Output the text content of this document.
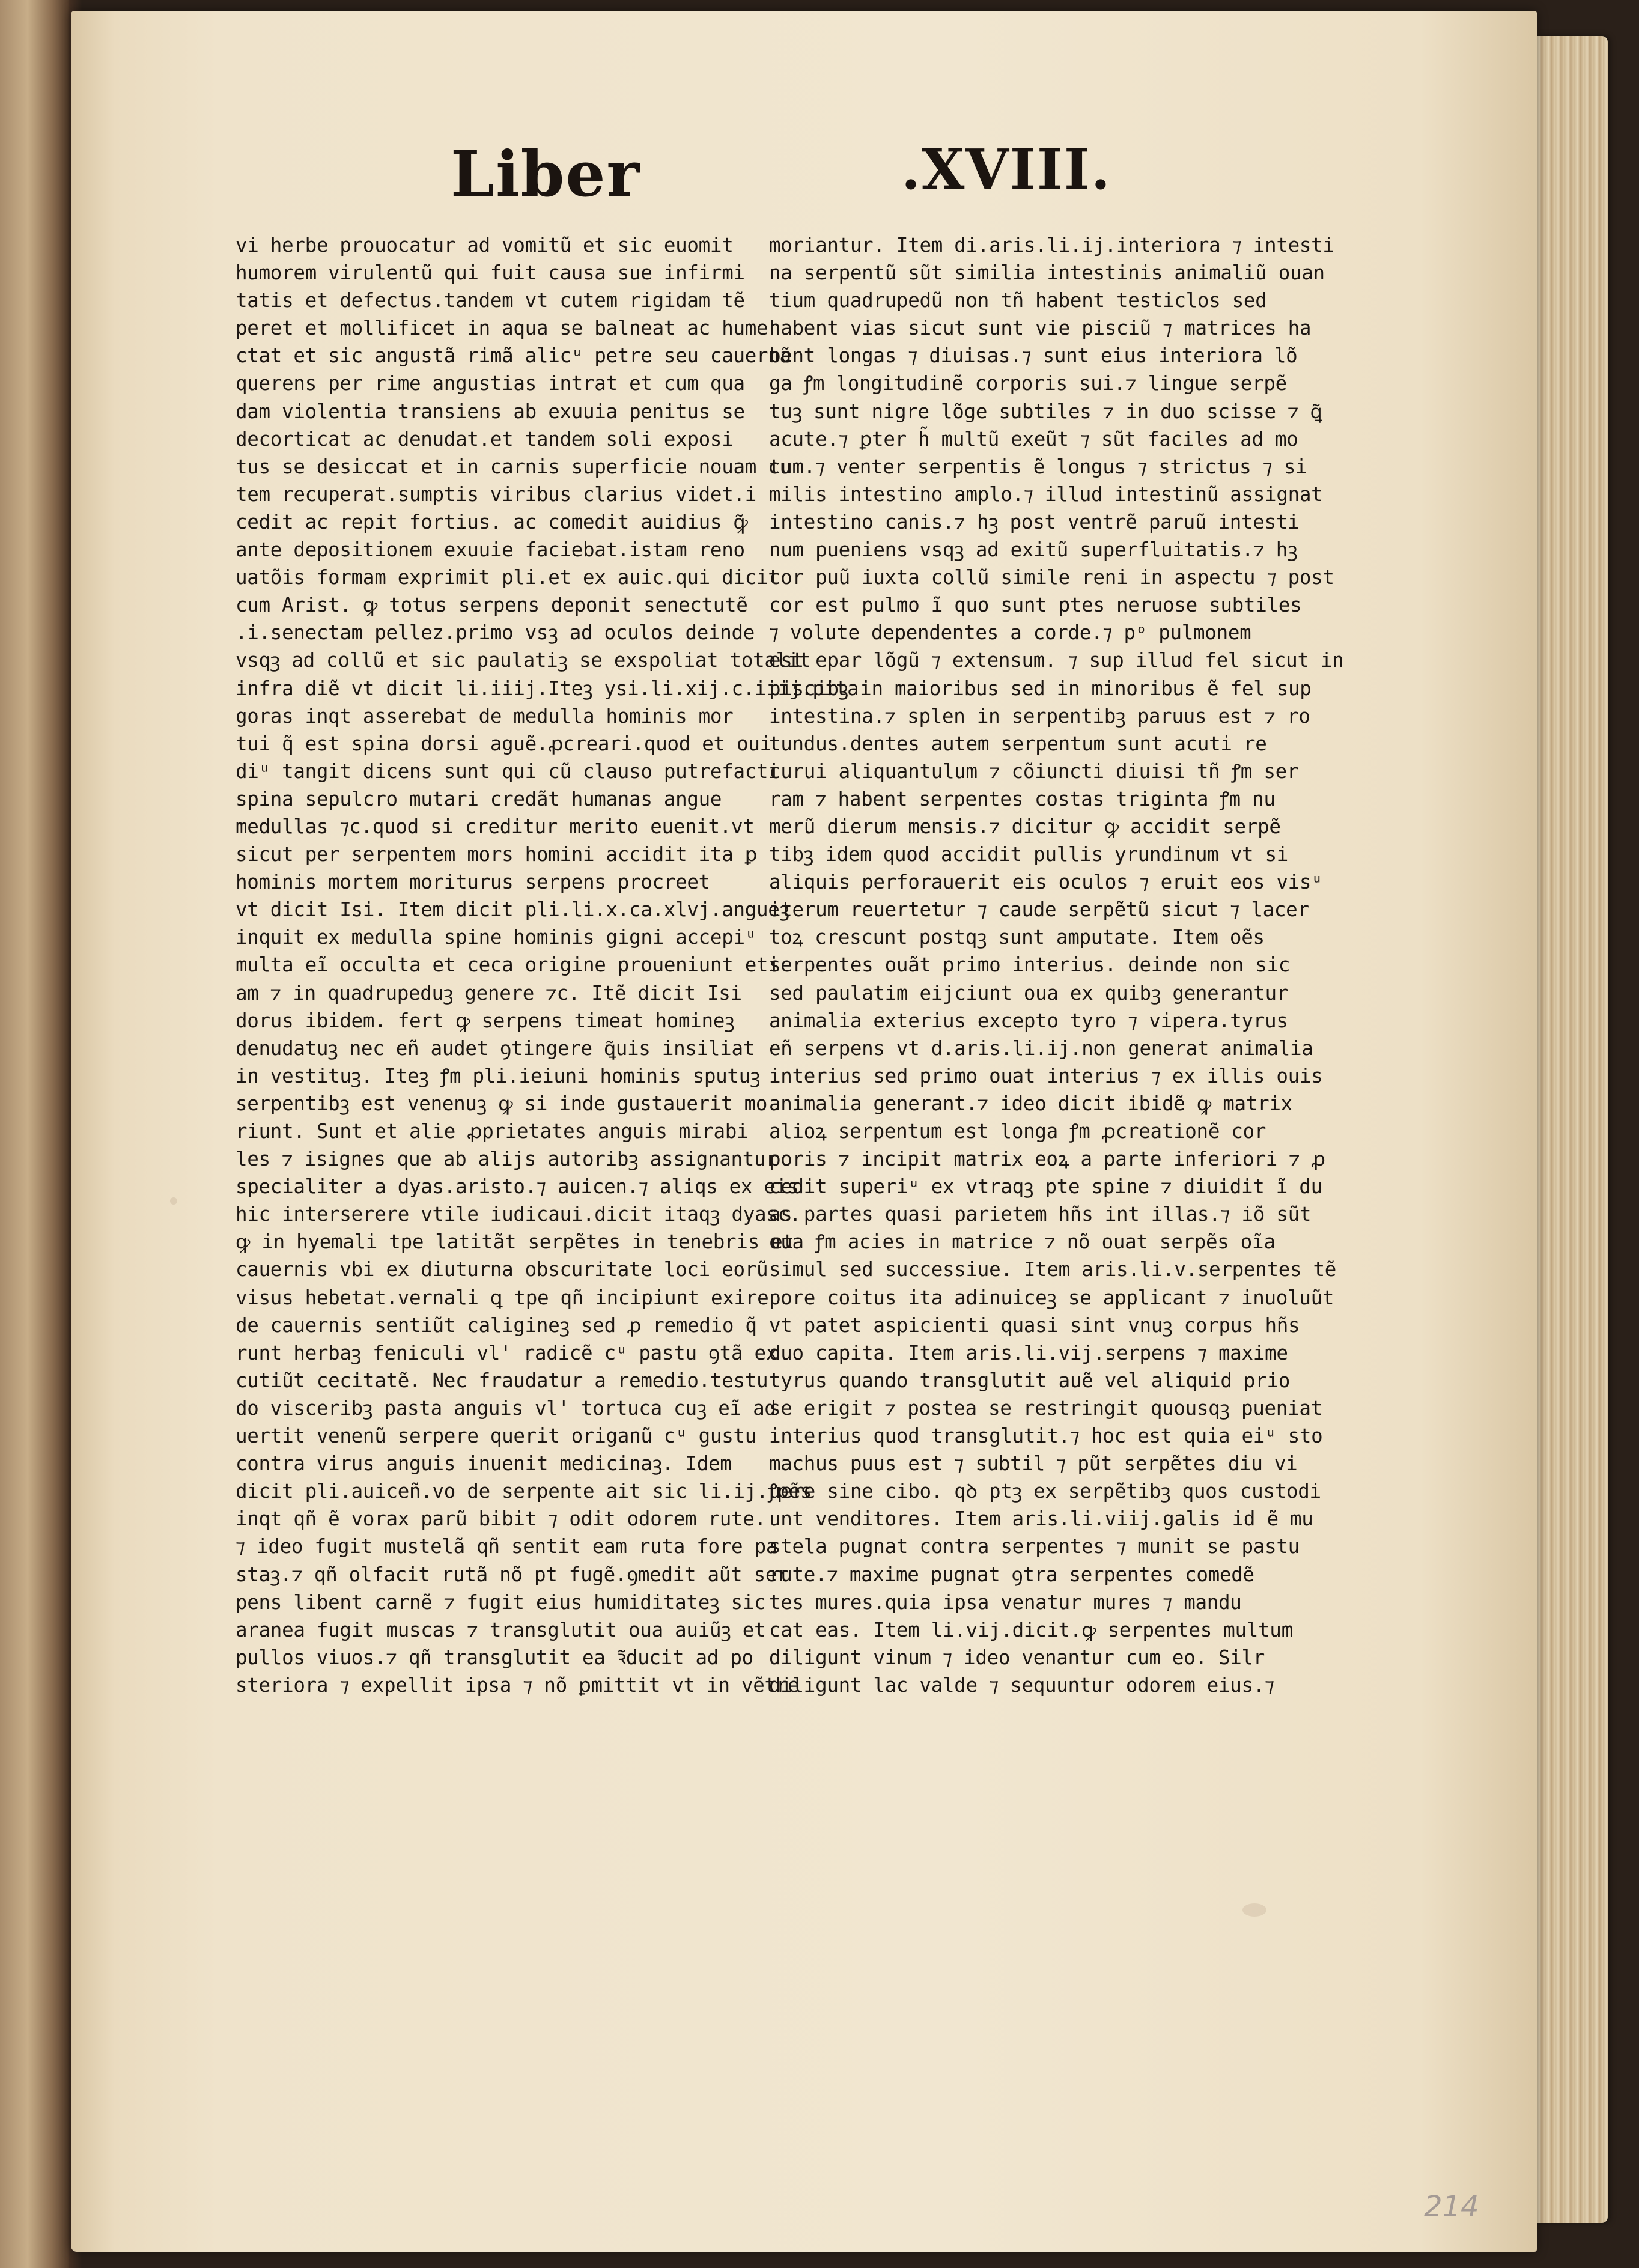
Liber	.XVIII.
vi herbe prouocatur ad vomitũ et sic euomit
humorem virulentũ qui fuit causa sue infirmi
tatis et defectus.tandem vt cutem rigidam tẽ
peret et mollificet in aqua se balneat ac hume
ctat et sic angustã rimã alicᵘ petre seu cauernã
querens per rime angustias intrat et cum qua
dam violentia transiens ab exuuia penitus se
decorticat ac denudat.et tandem soli exposi
tus se desiccat et in carnis superficie nouam cu
tem recuperat.sumptis viribus clarius videt.i
cedit ac repit fortius. ac comedit auidius ꝙ̃
ante depositionem exuuie faciebat.istam reno
uatõis formam exprimit pli.et ex auic.qui dicit
cum Arist. ꝙ totus serpens deponit senectutẽ
.i.senectam pellez.primo vsꝫ ad oculos deinde
vsqꝫ ad collũ et sic paulatiꝫ se exspoliat totalit
infra diẽ vt dicit li.iiij.Iteꝫ ysi.li.xij.c.iiij.pita
goras inqt asserebat de medulla hominis mor
tui q̃ est spina dorsi aguẽ.ꝓcreari.quod et oui
diᵘ tangit dicens sunt qui cũ clauso putrefacti
spina sepulcro mutari credãt humanas angue
medullas ⁊c.quod si creditur merito euenit.vt
sicut per serpentem mors homini accidit ita ꝑ
hominis mortem moriturus serpens procreet
vt dicit Isi. Item dicit pli.li.x.ca.xlvj.angueꝫ
inquit ex medulla spine hominis gigni accepiᵘ
multa eĩ occulta et ceca origine proueniunt eti
am ⁊ in quadrupeduꝫ genere ⁊c. Itẽ dicit Isi
dorus ibidem. fert ꝙ serpens timeat homineꝫ
denudatuꝫ nec eñ audet ꝯtingere ꝗ̃uis insiliat
in vestituꝫ. Iteꝫ ꝭm pli.ieiuni hominis sputuꝫ
serpentibꝫ est venenuꝫ ꝙ si inde gustauerit mo
riunt. Sunt et alie ꝓprietates anguis mirabi
les ⁊ isignes que ab alijs autoribꝫ assignantur
specialiter a dyas.aristo.⁊ auicen.⁊ aliqs ex eis
hic interserere vtile iudicaui.dicit itaqꝫ dyasc.
ꝙ in hyemali tpe latitãt serpẽtes in tenebris et
cauernis vbi ex diuturna obscuritate loci eorũ
visus hebetat.vernali ꝗ tpe qñ incipiunt exire
de cauernis sentiũt caligineꝫ sed ꝓ remedio q̃
runt herbaꝫ feniculi vl' radicẽ cᵘ pastu ꝯtã ex
cutiũt cecitatẽ. Nec fraudatur a remedio.testu
do visceribꝫ pasta anguis vl' tortuca cuꝫ eĩ ad
uertit venenũ serpere querit origanũ cᵘ gustu
contra virus anguis inuenit medicinaꝫ. Idem
dicit pli.auiceñ.vo de serpente ait sic li.ij.ꝭpẽs
inqt qñ ẽ vorax parũ bibit ⁊ odit odorem rute.
⁊ ideo fugit mustelã qñ sentit eam ruta fore pa
staꝫ.⁊ qñ olfacit rutã nõ pt fugẽ.ꝯmedit aũt ser
pens libent carnẽ ⁊ fugit eius humiditateꝫ sic
aranea fugit muscas ⁊ transglutit oua auiũꝫ et
pullos viuos.⁊ qñ transglutit ea ꝛ̃ducit ad po
steriora ⁊ expellit ipsa ⁊ nõ ꝑmittit vt in vẽtre
moriantur. Item di.aris.li.ij.interiora ⁊ intesti
na serpentũ sũt similia intestinis animaliũ ouan
tium quadrupedũ non tñ habent testiclos sed
habent vias sicut sunt vie pisciũ ⁊ matrices ha
bent longas ⁊ diuisas.⁊ sunt eius interiora lõ
ga ꝭm longitudinẽ corporis sui.⁊ lingue serpẽ
tuꝫ sunt nigre lõge subtiles ⁊ in duo scisse ⁊ ꝗ̃
acute.⁊ ꝑter h̃ multũ exeũt ⁊ sũt faciles ad mo
tum.⁊ venter serpentis ẽ longus ⁊ strictus ⁊ si
milis intestino amplo.⁊ illud intestinũ assignat
intestino canis.⁊ hꝫ post ventrẽ paruũ intesti
num pueniens vsqꝫ ad exitũ superfluitatis.⁊ hꝫ
cor puũ iuxta collũ simile reni in aspectu ⁊ post
cor est pulmo ĩ quo sunt ptes neruose subtiles
⁊ volute dependentes a corde.⁊ pᵒ pulmonem
est epar lõgũ ⁊ extensum. ⁊ sup illud fel sicut in
piscibꝫ in maioribus sed in minoribus ẽ fel sup
intestina.⁊ splen in serpentibꝫ paruus est ⁊ ro
tundus.dentes autem serpentum sunt acuti re
curui aliquantulum ⁊ cõiuncti diuisi tñ ꝭm ser
ram ⁊ habent serpentes costas triginta ꝭm nu
merũ dierum mensis.⁊ dicitur ꝙ accidit serpẽ
tibꝫ idem quod accidit pullis yrundinum vt si
aliquis perforauerit eis oculos ⁊ eruit eos visᵘ
iterum reuertetur ⁊ caude serpẽtũ sicut ⁊ lacer
toꝝ crescunt postqꝫ sunt amputate. Item oẽs
serpentes ouãt primo interius. deinde non sic
sed paulatim eijciunt oua ex quibꝫ generantur
animalia exterius excepto tyro ⁊ vipera.tyrus
eñ serpens vt d.aris.li.ij.non generat animalia
interius sed primo ouat interius ⁊ ex illis ouis
animalia generant.⁊ ideo dicit ibidẽ ꝙ matrix
alioꝝ serpentum est longa ꝭm ꝓcreationẽ cor
poris ⁊ incipit matrix eoꝝ a parte inferiori ⁊ ꝓ
cedit superiᵘ ex vtraqꝫ pte spine ⁊ diuidit ĩ du
as partes quasi parietem hñs int illas.⁊ iõ sũt
oua ꝭm acies in matrice ⁊ nõ ouat serpẽs oĩa
simul sed successiue. Item aris.li.v.serpentes tẽ
pore coitus ita adinuiceꝫ se applicant ⁊ inuoluũt
vt patet aspicienti quasi sint vnuꝫ corpus hñs
duo capita. Item aris.li.vij.serpens ⁊ maxime
tyrus quando transglutit auẽ vel aliquid prio
se erigit ⁊ postea se restringit quousqꝫ pueniat
interius quod transglutit.⁊ hoc est quia eiᵘ sto
machus puus est ⁊ subtil ⁊ pũt serpẽtes diu vi
uere sine cibo. qꝺ ptꝫ ex serpẽtibꝫ quos custodi
unt venditores. Item aris.li.viij.galis id ẽ mu
stela pugnat contra serpentes ⁊ munit se pastu
rute.⁊ maxime pugnat ꝯtra serpentes comedẽ
tes mures.quia ipsa venatur mures ⁊ mandu
cat eas. Item li.vij.dicit.ꝙ serpentes multum
diligunt vinum ⁊ ideo venantur cum eo. Silr
diligunt lac valde ⁊ sequuntur odorem eius.⁊
214
